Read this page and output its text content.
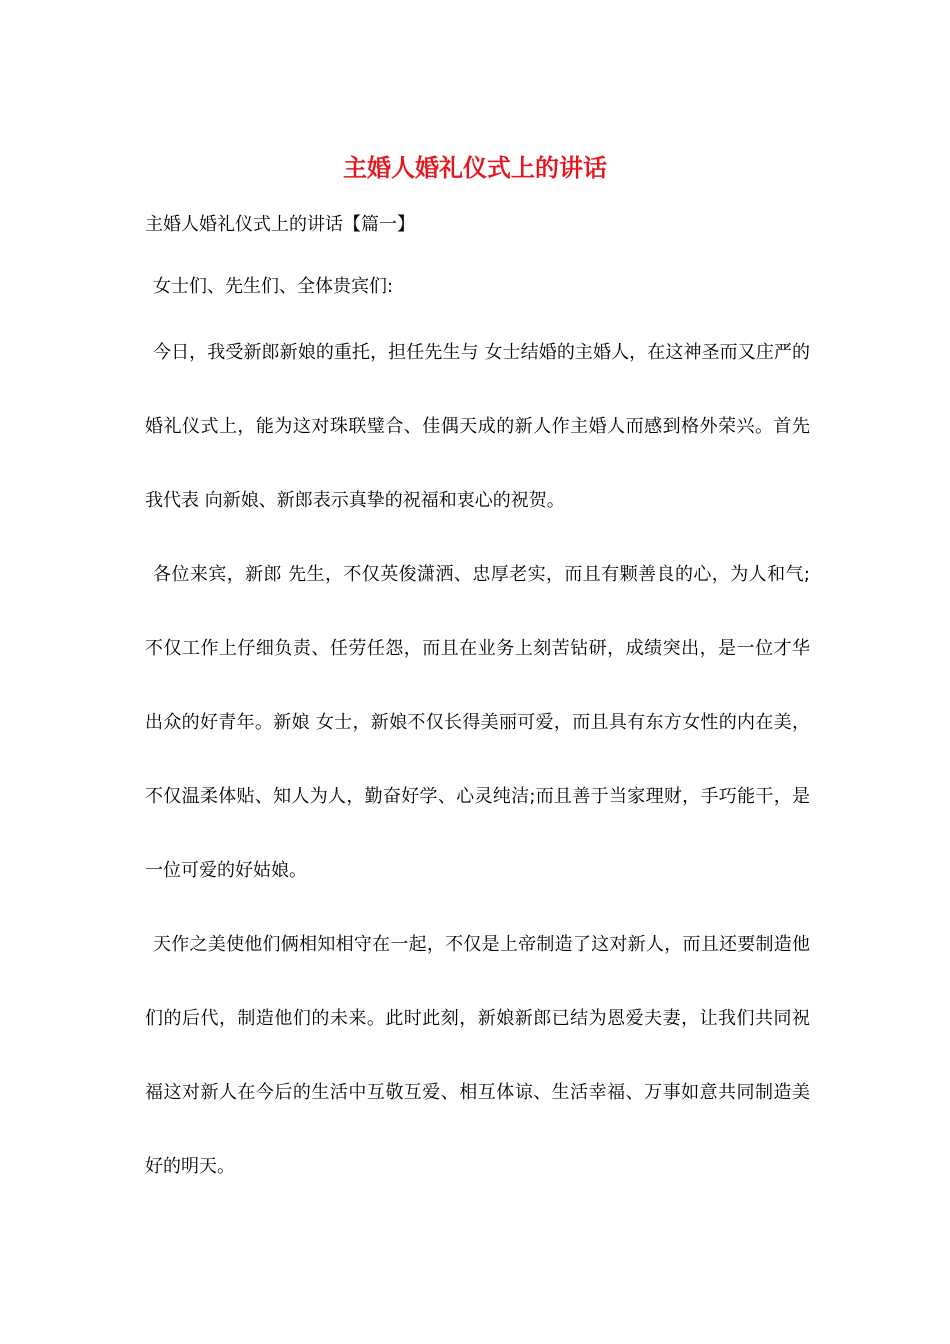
主婚人婚礼仪式上的讲话

主婚人婚礼仪式上的讲话【篇一】

女士们、先生们、全体贵宾们:

今日，我受新郎新娘的重托，担任先生与 女士结婚的主婚人，在这神圣而又庄严的婚礼仪式上，能为这对珠联璧合、佳偶天成的新人作主婚人而感到格外荣兴。首先我代表 向新娘、新郎表示真挚的祝福和衷心的祝贺。

各位来宾，新郎 先生，不仅英俊潇洒、忠厚老实，而且有颗善良的心，为人和气;不仅工作上仔细负责、任劳任怨，而且在业务上刻苦钻研，成绩突出，是一位才华出众的好青年。新娘 女士，新娘不仅长得美丽可爱，而且具有东方女性的内在美，不仅温柔体贴、知人为人，勤奋好学、心灵纯洁;而且善于当家理财，手巧能干，是一位可爱的好姑娘。

天作之美使他们俩相知相守在一起，不仅是上帝制造了这对新人，而且还要制造他们的后代，制造他们的未来。此时此刻，新娘新郎已结为恩爱夫妻，让我们共同祝福这对新人在今后的生活中互敬互爱、相互体谅、生活幸福、万事如意共同制造美好的明天。
